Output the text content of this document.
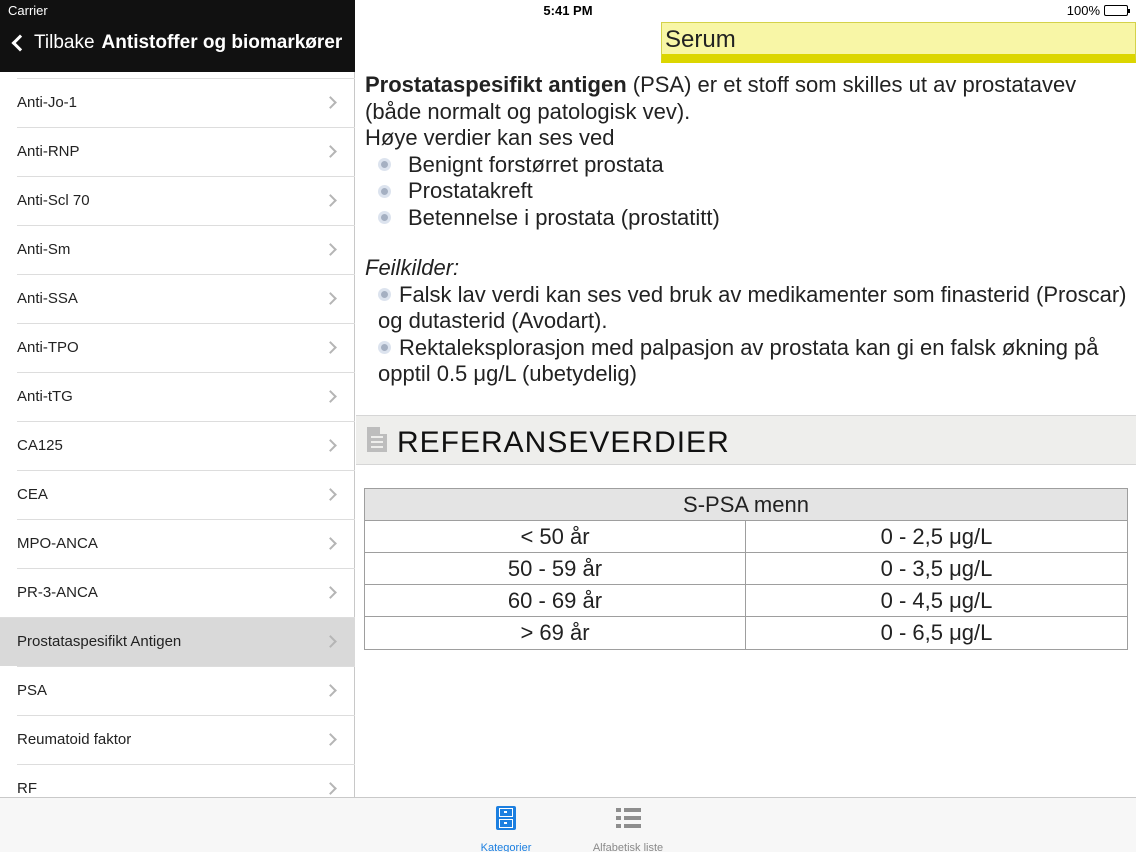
Tilbake Antistoffer og biomarkører
Anti-Jo-1
Anti-RNP
Anti-Scl 70
Anti-Sm
Anti-SSA
Anti-TPO
Anti-tTG
CA125
CEA
MPO-ANCA
PR-3-ANCA
Prostataspesifikt Antigen
PSA
Reumatoid faktor
RF
Carrier	5:41 PM	100%
Serum
Prostataspesifikt antigen (PSA) er et stoff som skilles ut av prostatavev (både normalt og patologisk vev).
Høye verdier kan ses ved
Benignt forstørret prostata
Prostatakreft
Betennelse i prostata (prostatitt)
Feilkilder:
Falsk lav verdi kan ses ved bruk av medikamenter som finasterid (Proscar) og dutasterid (Avodart).
Rektaleksplorasjon med palpasjon av prostata kan gi en falsk økning på opptil 0.5 μg/L (ubetydelig)
REFERANSEVERDIER
S-PSA menn
< 50 år	0 - 2,5 μg/L
50 - 59 år	0 - 3,5 μg/L
60 - 69 år	0 - 4,5 μg/L
> 69 år	0 - 6,5 μg/L
Kategorier	Alfabetisk liste
